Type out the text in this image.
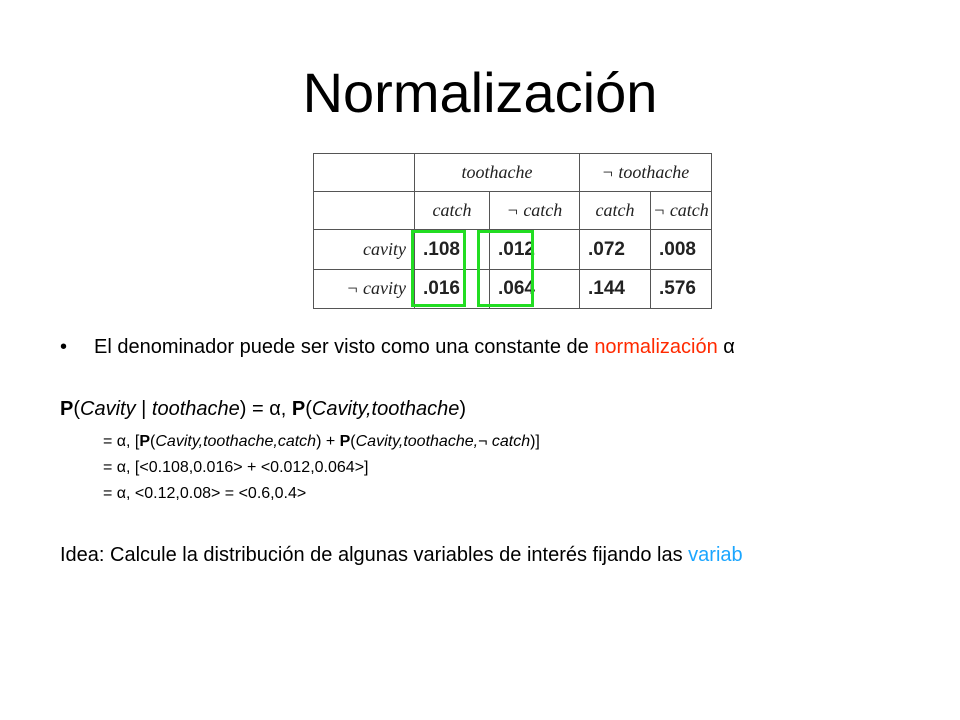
Normalización
	toothache		¬ toothache	
	catch	¬ catch	catch	¬ catch
cavity	.108	.012	.072	.008
¬ cavity	.016	.064	.144	.576
• El denominador puede ser visto como una constante de normalización α
P(Cavity | toothache) = α, P(Cavity,toothache)
= α, [P(Cavity,toothache,catch) + P(Cavity,toothache,¬ catch)]
= α, [<0.108,0.016> + <0.012,0.064>]
= α, <0.12,0.08> = <0.6,0.4>
Idea: Calcule la distribución de algunas variables de interés fijando las variab
